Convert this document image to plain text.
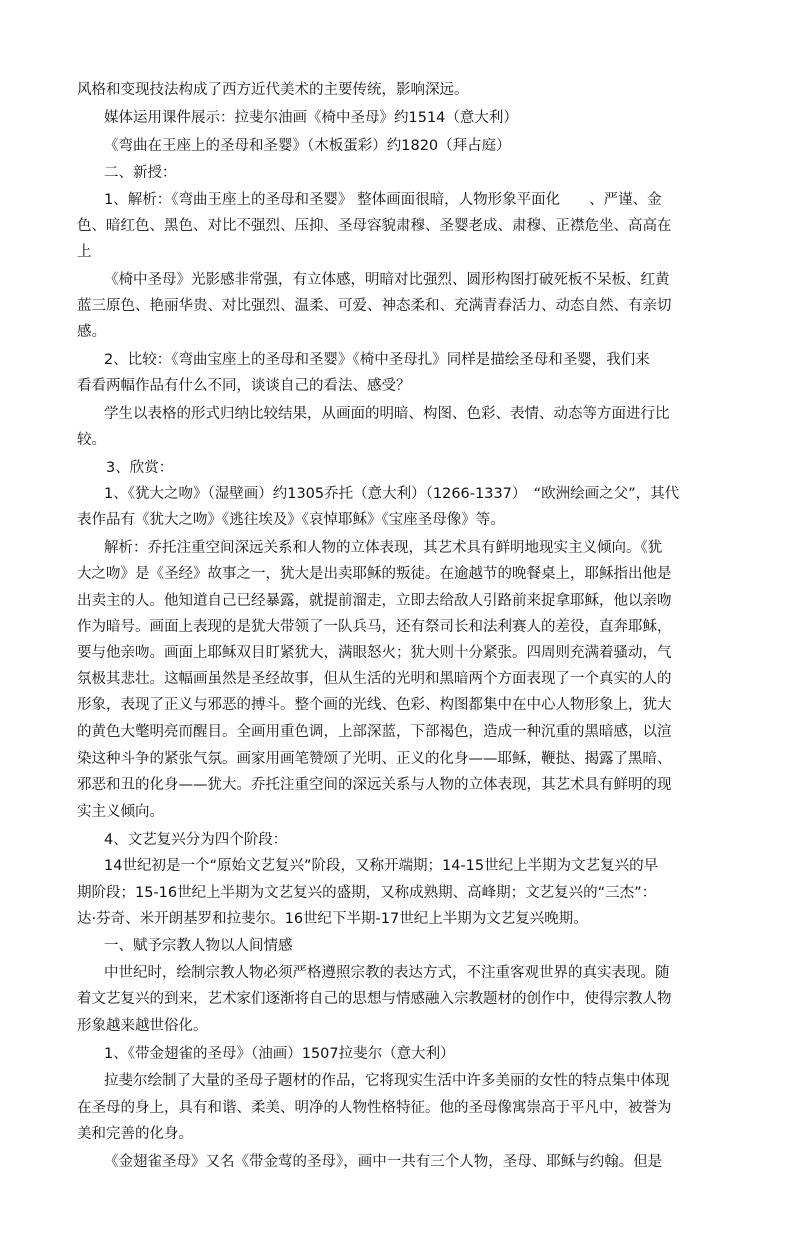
风格和变现技法构成了西方近代美术的主要传统，影响深远。

媒体运用课件展示：拉斐尔油画《椅中圣母》约1514（意大利）

《弯曲在王座上的圣母和圣婴》（木板蛋彩）约1820（拜占庭）

二、新授：

1、解析：《弯曲王座上的圣母和圣婴》 整体画面很暗，人物形象平面化　　、严谨、金

色、暗红色、黑色、对比不强烈、压抑、圣母容貌肃穆、圣婴老成、肃穆、正襟危坐、高高在

上

《椅中圣母》光影感非常强，有立体感，明暗对比强烈、圆形构图打破死板不呆板、红黄

蓝三原色、艳丽华贵、对比强烈、温柔、可爱、神态柔和、充满青春活力、动态自然、有亲切

感。

2、比较：《弯曲宝座上的圣母和圣婴》《椅中圣母扎》同样是描绘圣母和圣婴，我们来

看看两幅作品有什么不同，谈谈自己的看法、感受？

学生以表格的形式归纳比较结果，从画面的明暗、构图、色彩、表情、动态等方面进行比

较。

3、欣赏：

1、《犹大之吻》（湿壁画）约1305乔托（意大利）（1266-1337）　“欧洲绘画之父”，其代

表作品有《犹大之吻》《逃往埃及》《哀悼耶稣》《宝座圣母像》等。

解析：乔托注重空间深远关系和人物的立体表现，其艺术具有鲜明地现实主义倾向。《犹

大之吻》是《圣经》故事之一，犹大是出卖耶稣的叛徒。在逾越节的晚餐桌上，耶稣指出他是

出卖主的人。他知道自己已经暴露，就提前溜走，立即去给敌人引路前来捉拿耶稣，他以亲吻

作为暗号。画面上表现的是犹大带领了一队兵马，还有祭司长和法利赛人的差役，直奔耶稣，

要与他亲吻。画面上耶稣双目盯紧犹大，满眼怒火；犹大则十分紧张。四周则充满着骚动，气

氛极其悲壮。这幅画虽然是圣经故事，但从生活的光明和黑暗两个方面表现了一个真实的人的

形象，表现了正义与邪恶的搏斗。整个画的光线、色彩、构图都集中在中心人物形象上，犹大

的黄色大氅明亮而醒目。全画用重色调，上部深蓝，下部褐色，造成一种沉重的黑暗感，以渲

染这种斗争的紧张气氛。画家用画笔赞颂了光明、正义的化身——耶稣，鞭挞、揭露了黑暗、

邪恶和丑的化身——犹大。乔托注重空间的深远关系与人物的立体表现，其艺术具有鲜明的现

实主义倾向。

4、文艺复兴分为四个阶段：

14世纪初是一个“原始文艺复兴”阶段，又称开端期；14-15世纪上半期为文艺复兴的早

期阶段；15-16世纪上半期为文艺复兴的盛期，又称成熟期、高峰期；文艺复兴的“三杰”：

达·芬奇、米开朗基罗和拉斐尔。16世纪下半期-17世纪上半期为文艺复兴晚期。

一、赋予宗教人物以人间情感

中世纪时，绘制宗教人物必须严格遵照宗教的表达方式，不注重客观世界的真实表现。随

着文艺复兴的到来，艺术家们逐渐将自己的思想与情感融入宗教题材的创作中，使得宗教人物

形象越来越世俗化。

1、《带金翅雀的圣母》（油画）1507拉斐尔（意大利）

拉斐尔绘制了大量的圣母子题材的作品，它将现实生活中许多美丽的女性的特点集中体现

在圣母的身上，具有和谐、柔美、明净的人物性格特征。他的圣母像寓崇高于平凡中，被誉为

美和完善的化身。

《金翅雀圣母》又名《带金莺的圣母》，画中一共有三个人物，圣母、耶稣与约翰。但是
